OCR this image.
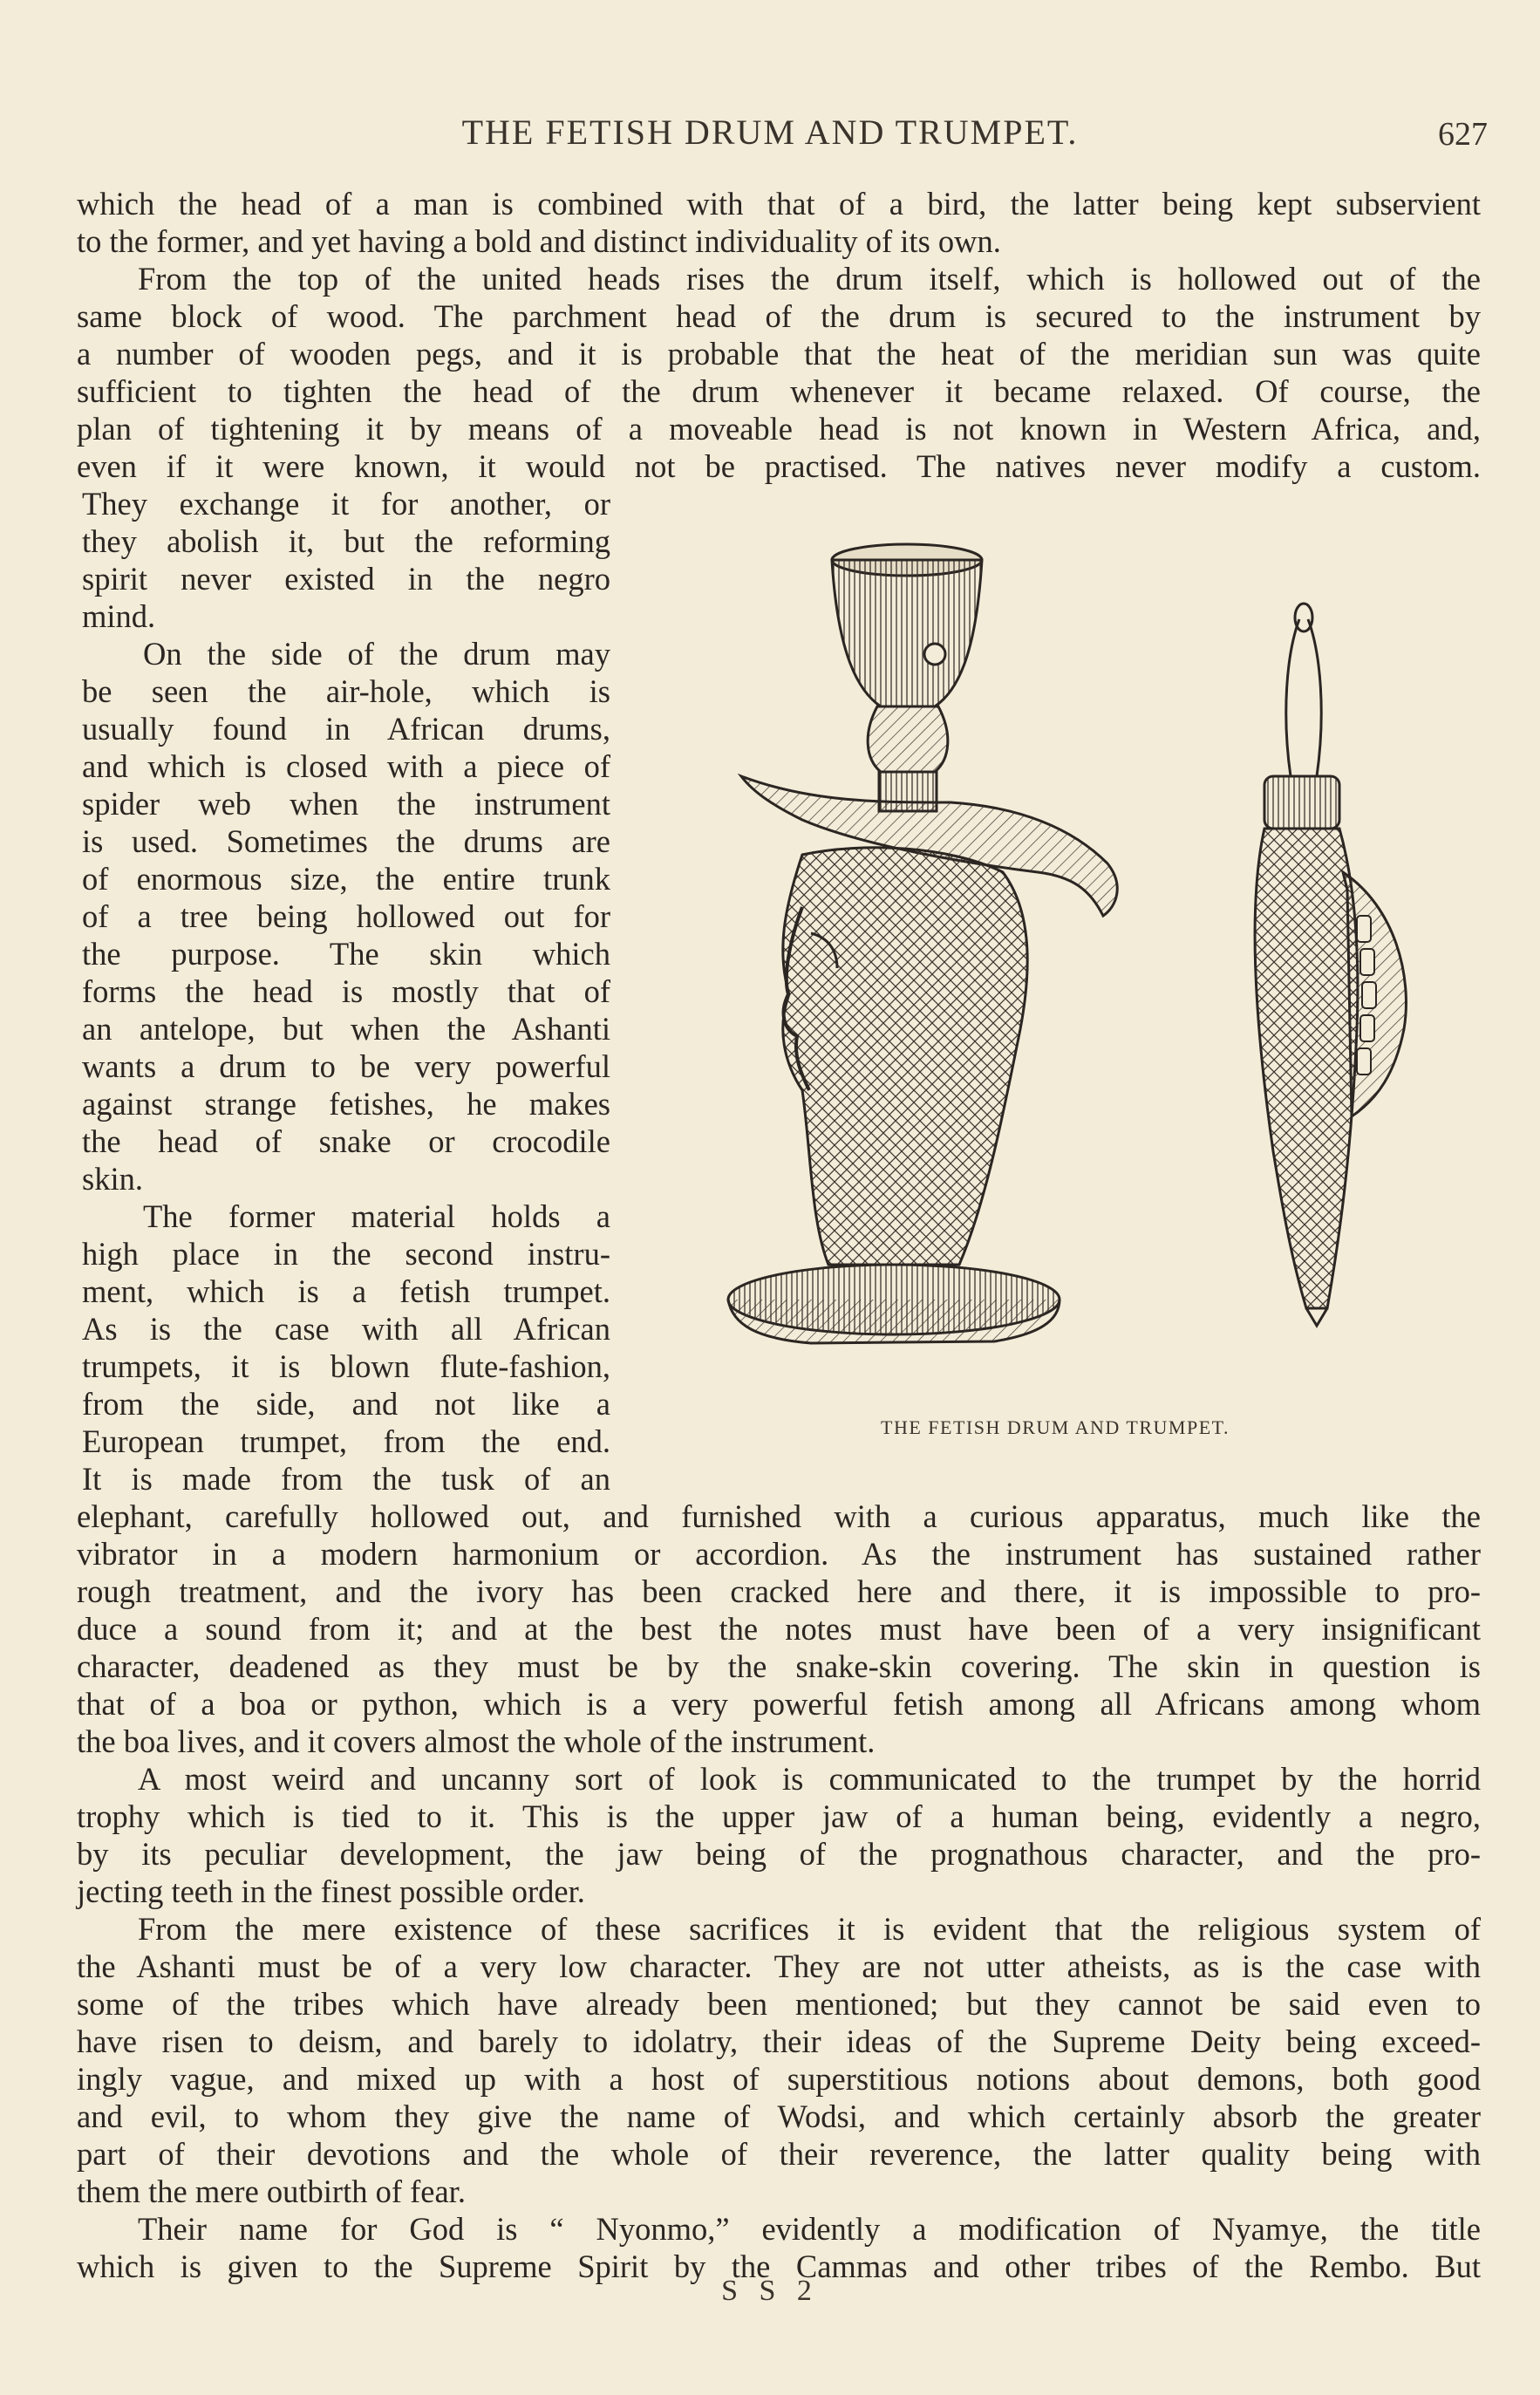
THE FETISH DRUM AND TRUMPET.	627

which the head of a man is combined with that of a bird, the latter being kept subservient

to the former, and yet having a bold and distinct individuality of its own.

From the top of the united heads rises the drum itself, which is hollowed out of the

same block of wood. The parchment head of the drum is secured to the instrument by

a number of wooden pegs, and it is probable that the heat of the meridian sun was quite

sufficient to tighten the head of the drum whenever it became relaxed. Of course, the

plan of tightening it by means of a moveable head is not known in Western Africa, and,

even if it were known, it would not be practised. The natives never modify a custom.

They exchange it for another, or

they abolish it, but the reforming

spirit never existed in the negro

mind.

On the side of the drum may

be seen the air-hole, which is

usually found in African drums,

and which is closed with a piece of

spider web when the instrument

is used. Sometimes the drums are

of enormous size, the entire trunk

of a tree being hollowed out for

the purpose. The skin which

forms the head is mostly that of

an antelope, but when the Ashanti

wants a drum to be very powerful

against strange fetishes, he makes

the head of snake or crocodile

skin.

The former material holds a

high place in the second instru-

ment, which is a fetish trumpet.

As is the case with all African

trumpets, it is blown flute-fashion,

from the side, and not like a

European trumpet, from the end.

It is made from the tusk of an

elephant, carefully hollowed out, and furnished with a curious apparatus, much like the

vibrator in a modern harmonium or accordion. As the instrument has sustained rather

rough treatment, and the ivory has been cracked here and there, it is impossible to pro-

duce a sound from it; and at the best the notes must have been of a very insignificant

character, deadened as they must be by the snake-skin covering. The skin in question is

that of a boa or python, which is a very powerful fetish among all Africans among whom

the boa lives, and it covers almost the whole of the instrument.

A most weird and uncanny sort of look is communicated to the trumpet by the horrid

trophy which is tied to it. This is the upper jaw of a human being, evidently a negro,

by its peculiar development, the jaw being of the prognathous character, and the pro-

jecting teeth in the finest possible order.

From the mere existence of these sacrifices it is evident that the religious system of

the Ashanti must be of a very low character. They are not utter atheists, as is the case with

some of the tribes which have already been mentioned; but they cannot be said even to

have risen to deism, and barely to idolatry, their ideas of the Supreme Deity being exceed-

ingly vague, and mixed up with a host of superstitious notions about demons, both good

and evil, to whom they give the name of Wodsi, and which certainly absorb the greater

part of their devotions and the whole of their reverence, the latter quality being with

them the mere outbirth of fear.

Their name for God is “ Nyonmo,” evidently a modification of Nyamye, the title

which is given to the Supreme Spirit by the Cammas and other tribes of the Rembo. But

THE FETISH DRUM AND TRUMPET.
S S 2
